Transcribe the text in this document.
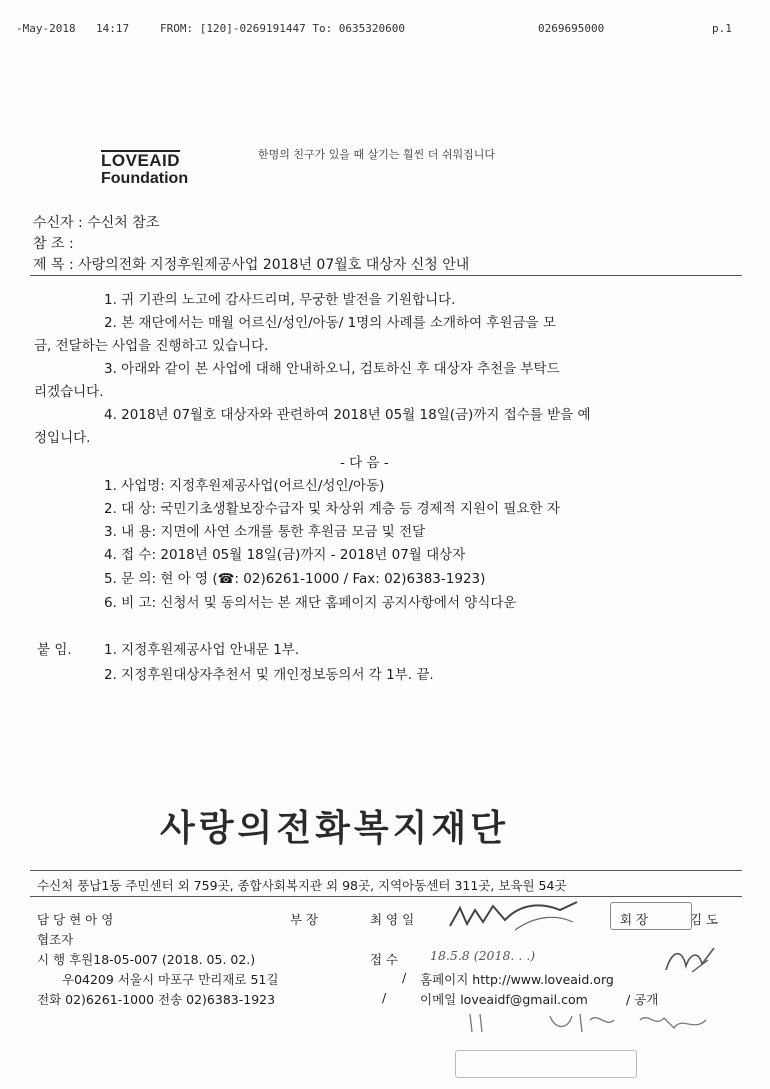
-May-2018 14:17	FROM: [120]-0269191447 To: 0635320600	0269695000	p.1
LOVEAID
Foundation
한명의 친구가 있을 때 살기는 훨씬 더 쉬워집니다
수신자 : 수신처 참조
참 조 :
제 목 : 사랑의전화 지정후원제공사업 2018년 07월호 대상자 신청 안내
1. 귀 기관의 노고에 감사드리며, 무궁한 발전을 기원합니다.
2. 본 재단에서는 매월 어르신/성인/아동/ 1명의 사례를 소개하여 후원금을 모
금, 전달하는 사업을 진행하고 있습니다.
3. 아래와 같이 본 사업에 대해 안내하오니, 검토하신 후 대상자 추천을 부탁드
리겠습니다.
4. 2018년 07월호 대상자와 관련하여 2018년 05월 18일(금)까지 접수를 받을 예
정입니다.
- 다 음 -
1. 사업명: 지정후원제공사업(어르신/성인/아동)
2. 대 상: 국민기초생활보장수급자 및 차상위 계층 등 경제적 지원이 필요한 자
3. 내 용: 지면에 사연 소개를 통한 후원금 모금 및 전달
4. 접 수: 2018년 05월 18일(금)까지 - 2018년 07월 대상자
5. 문 의: 현 아 영 (☎: 02)6261-1000 / Fax: 02)6383-1923)
6. 비 고: 신청서 및 동의서는 본 재단 홈페이지 공지사항에서 양식다운
붙 임. 1. 지정후원제공사업 안내문 1부.
2. 지정후원대상자추천서 및 개인정보동의서 각 1부. 끝.
사랑의전화복지재단
수신처 풍납1동 주민센터 외 759곳, 종합사회복지관 외 98곳, 지역아동센터 311곳, 보육원 54곳
담 당 현 아 영	부 장	최 영 일	회 장	김 도
협조자
시 행 후원18-05-007 (2018. 05. 02.)	접 수	18.5.8 (2018. . .)
우04209 서울시 마포구 만리재로 51길	/ 홈페이지 http://www.loveaid.org
전화 02)6261-1000 전송 02)6383-1923	/	이메일 loveaidf@gmail.com	/ 공개
